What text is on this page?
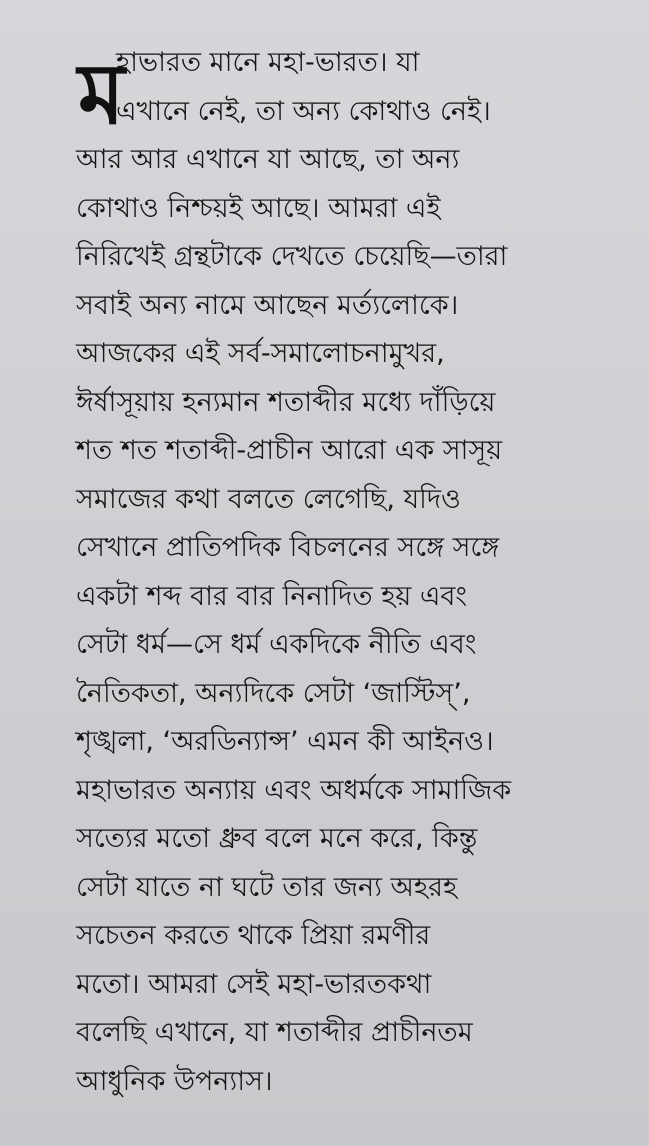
ম
হাভারত মানে মহা-ভারত। যা
এখানে নেই, তা অন্য কোথাও নেই।
আর আর এখানে যা আছে, তা অন্য
কোথাও নিশ্চয়ই আছে। আমরা এই
নিরিখেই গ্রন্থটাকে দেখতে চেয়েছি—তারা
সবাই অন্য নামে আছেন মর্ত্যলোকে।
আজকের এই সর্ব-সমালোচনামুখর,
ঈর্ষাসূয়ায় হন্যমান শতাব্দীর মধ্যে দাঁড়িয়ে
শত শত শতাব্দী-প্রাচীন আরো এক সাসূয়
সমাজের কথা বলতে লেগেছি, যদিও
সেখানে প্রাতিপদিক বিচলনের সঙ্গে সঙ্গে
একটা শব্দ বার বার নিনাদিত হয় এবং
সেটা ধর্ম—সে ধর্ম একদিকে নীতি এবং
নৈতিকতা, অন্যদিকে সেটা ‘জাস্টিস্’,
শৃঙ্খলা, ‘অরডিন্যান্স’ এমন কী আইনও।
মহাভারত অন্যায় এবং অধর্মকে সামাজিক
সত্যের মতো ধ্রুব বলে মনে করে, কিন্তু
সেটা যাতে না ঘটে তার জন্য অহরহ
সচেতন করতে থাকে প্রিয়া রমণীর
মতো। আমরা সেই মহা-ভারতকথা
বলেছি এখানে, যা শতাব্দীর প্রাচীনতম
আধুনিক উপন্যাস।
